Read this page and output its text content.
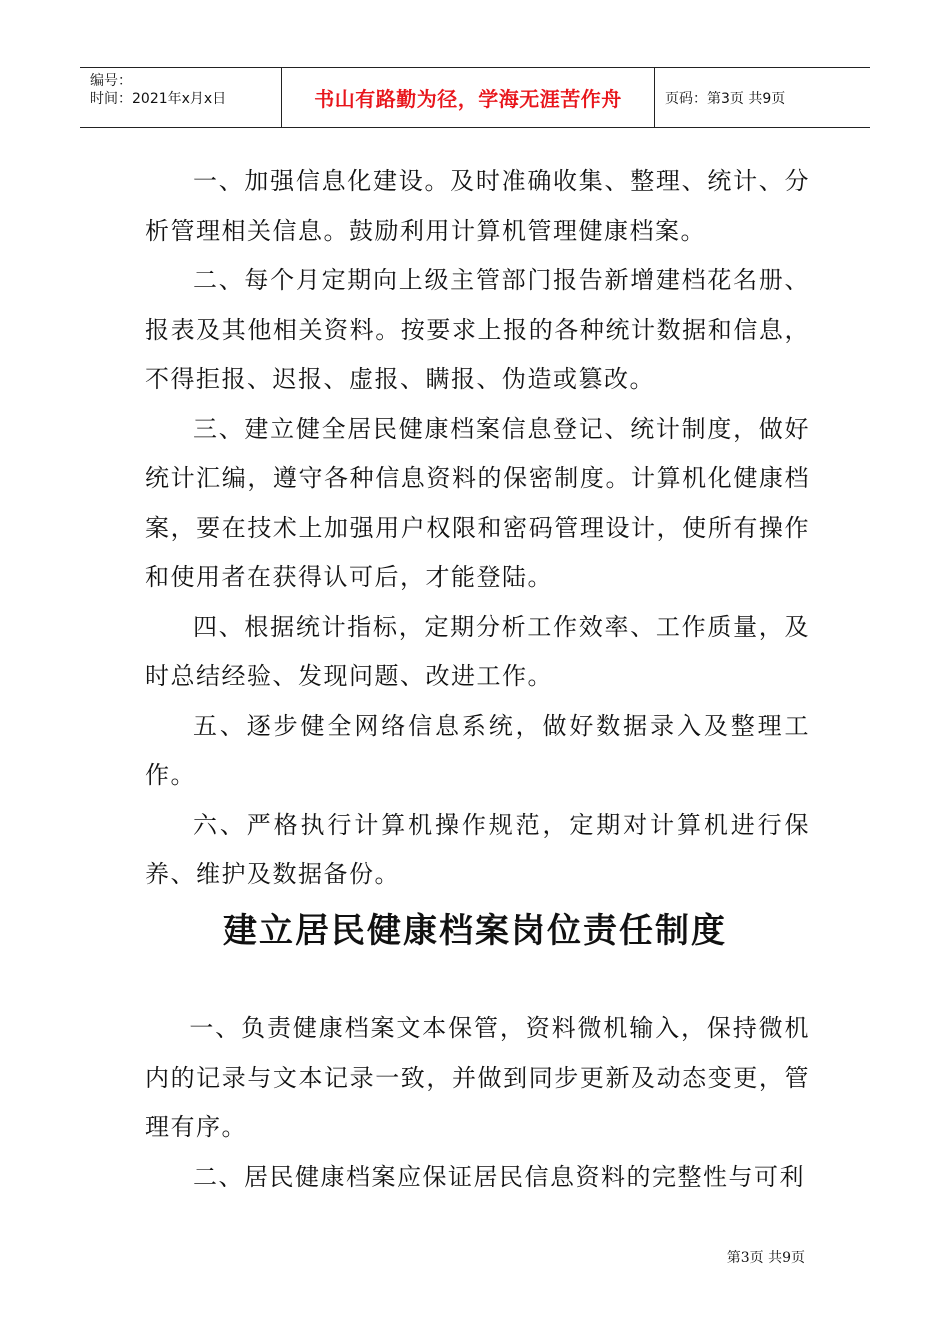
编号：
时间：2021年x月x日	书山有路勤为径，学海无涯苦作舟	页码：第3页 共9页

一、加强信息化建设。及时准确收集、整理、统计、分析管理相关信息。鼓励利用计算机管理健康档案。

二、每个月定期向上级主管部门报告新增建档花名册、报表及其他相关资料。按要求上报的各种统计数据和信息，不得拒报、迟报、虚报、瞒报、伪造或篡改。

三、建立健全居民健康档案信息登记、统计制度，做好统计汇编，遵守各种信息资料的保密制度。计算机化健康档案，要在技术上加强用户权限和密码管理设计，使所有操作和使用者在获得认可后，才能登陆。

四、根据统计指标，定期分析工作效率、工作质量，及时总结经验、发现问题、改进工作。

五、逐步健全网络信息系统，做好数据录入及整理工作。

六、严格执行计算机操作规范，定期对计算机进行保养、维护及数据备份。

建立居民健康档案岗位责任制度

一、负责健康档案文本保管，资料微机输入，保持微机内的记录与文本记录一致，并做到同步更新及动态变更，管理有序。

二、居民健康档案应保证居民信息资料的完整性与可利

第3页 共9页
